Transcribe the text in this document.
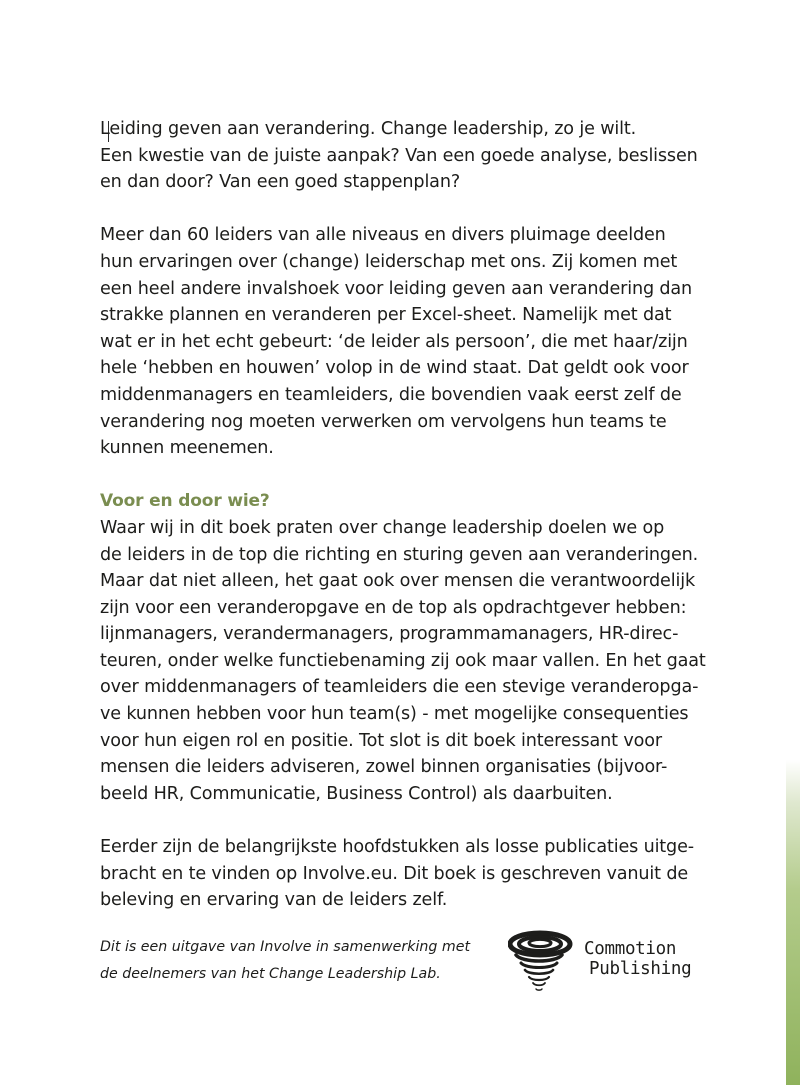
Leiding geven aan verandering. Change leadership, zo je wilt.
Een kwestie van de juiste aanpak? Van een goede analyse, beslissen
en dan door? Van een goed stappenplan?

Meer dan 60 leiders van alle niveaus en divers pluimage deelden
hun ervaringen over (change) leiderschap met ons. Zij komen met
een heel andere invalshoek voor leiding geven aan verandering dan
strakke plannen en veranderen per Excel-sheet. Namelijk met dat
wat er in het echt gebeurt: ‘de leider als persoon’, die met haar/zijn
hele ‘hebben en houwen’ volop in de wind staat. Dat geldt ook voor
middenmanagers en teamleiders, die bovendien vaak eerst zelf de
verandering nog moeten verwerken om vervolgens hun teams te
kunnen meenemen.

Voor en door wie?
Waar wij in dit boek praten over change leadership doelen we op
de leiders in de top die richting en sturing geven aan veranderingen.
Maar dat niet alleen, het gaat ook over mensen die verantwoordelijk
zijn voor een veranderopgave en de top als opdrachtgever hebben:
lijnmanagers, verandermanagers, programmamanagers, HR-direc-
teuren, onder welke functiebenaming zij ook maar vallen. En het gaat
over middenmanagers of teamleiders die een stevige veranderopga-
ve kunnen hebben voor hun team(s) - met mogelijke consequenties
voor hun eigen rol en positie. Tot slot is dit boek interessant voor
mensen die leiders adviseren, zowel binnen organisaties (bijvoor-
beeld HR, Communicatie, Business Control) als daarbuiten.

Eerder zijn de belangrijkste hoofdstukken als losse publicaties uitge-
bracht en te vinden op Involve.eu. Dit boek is geschreven vanuit de
beleving en ervaring van de leiders zelf.

Dit is een uitgave van Involve in samenwerking met
de deelnemers van het Change Leadership Lab.
Commotion
Publishing
